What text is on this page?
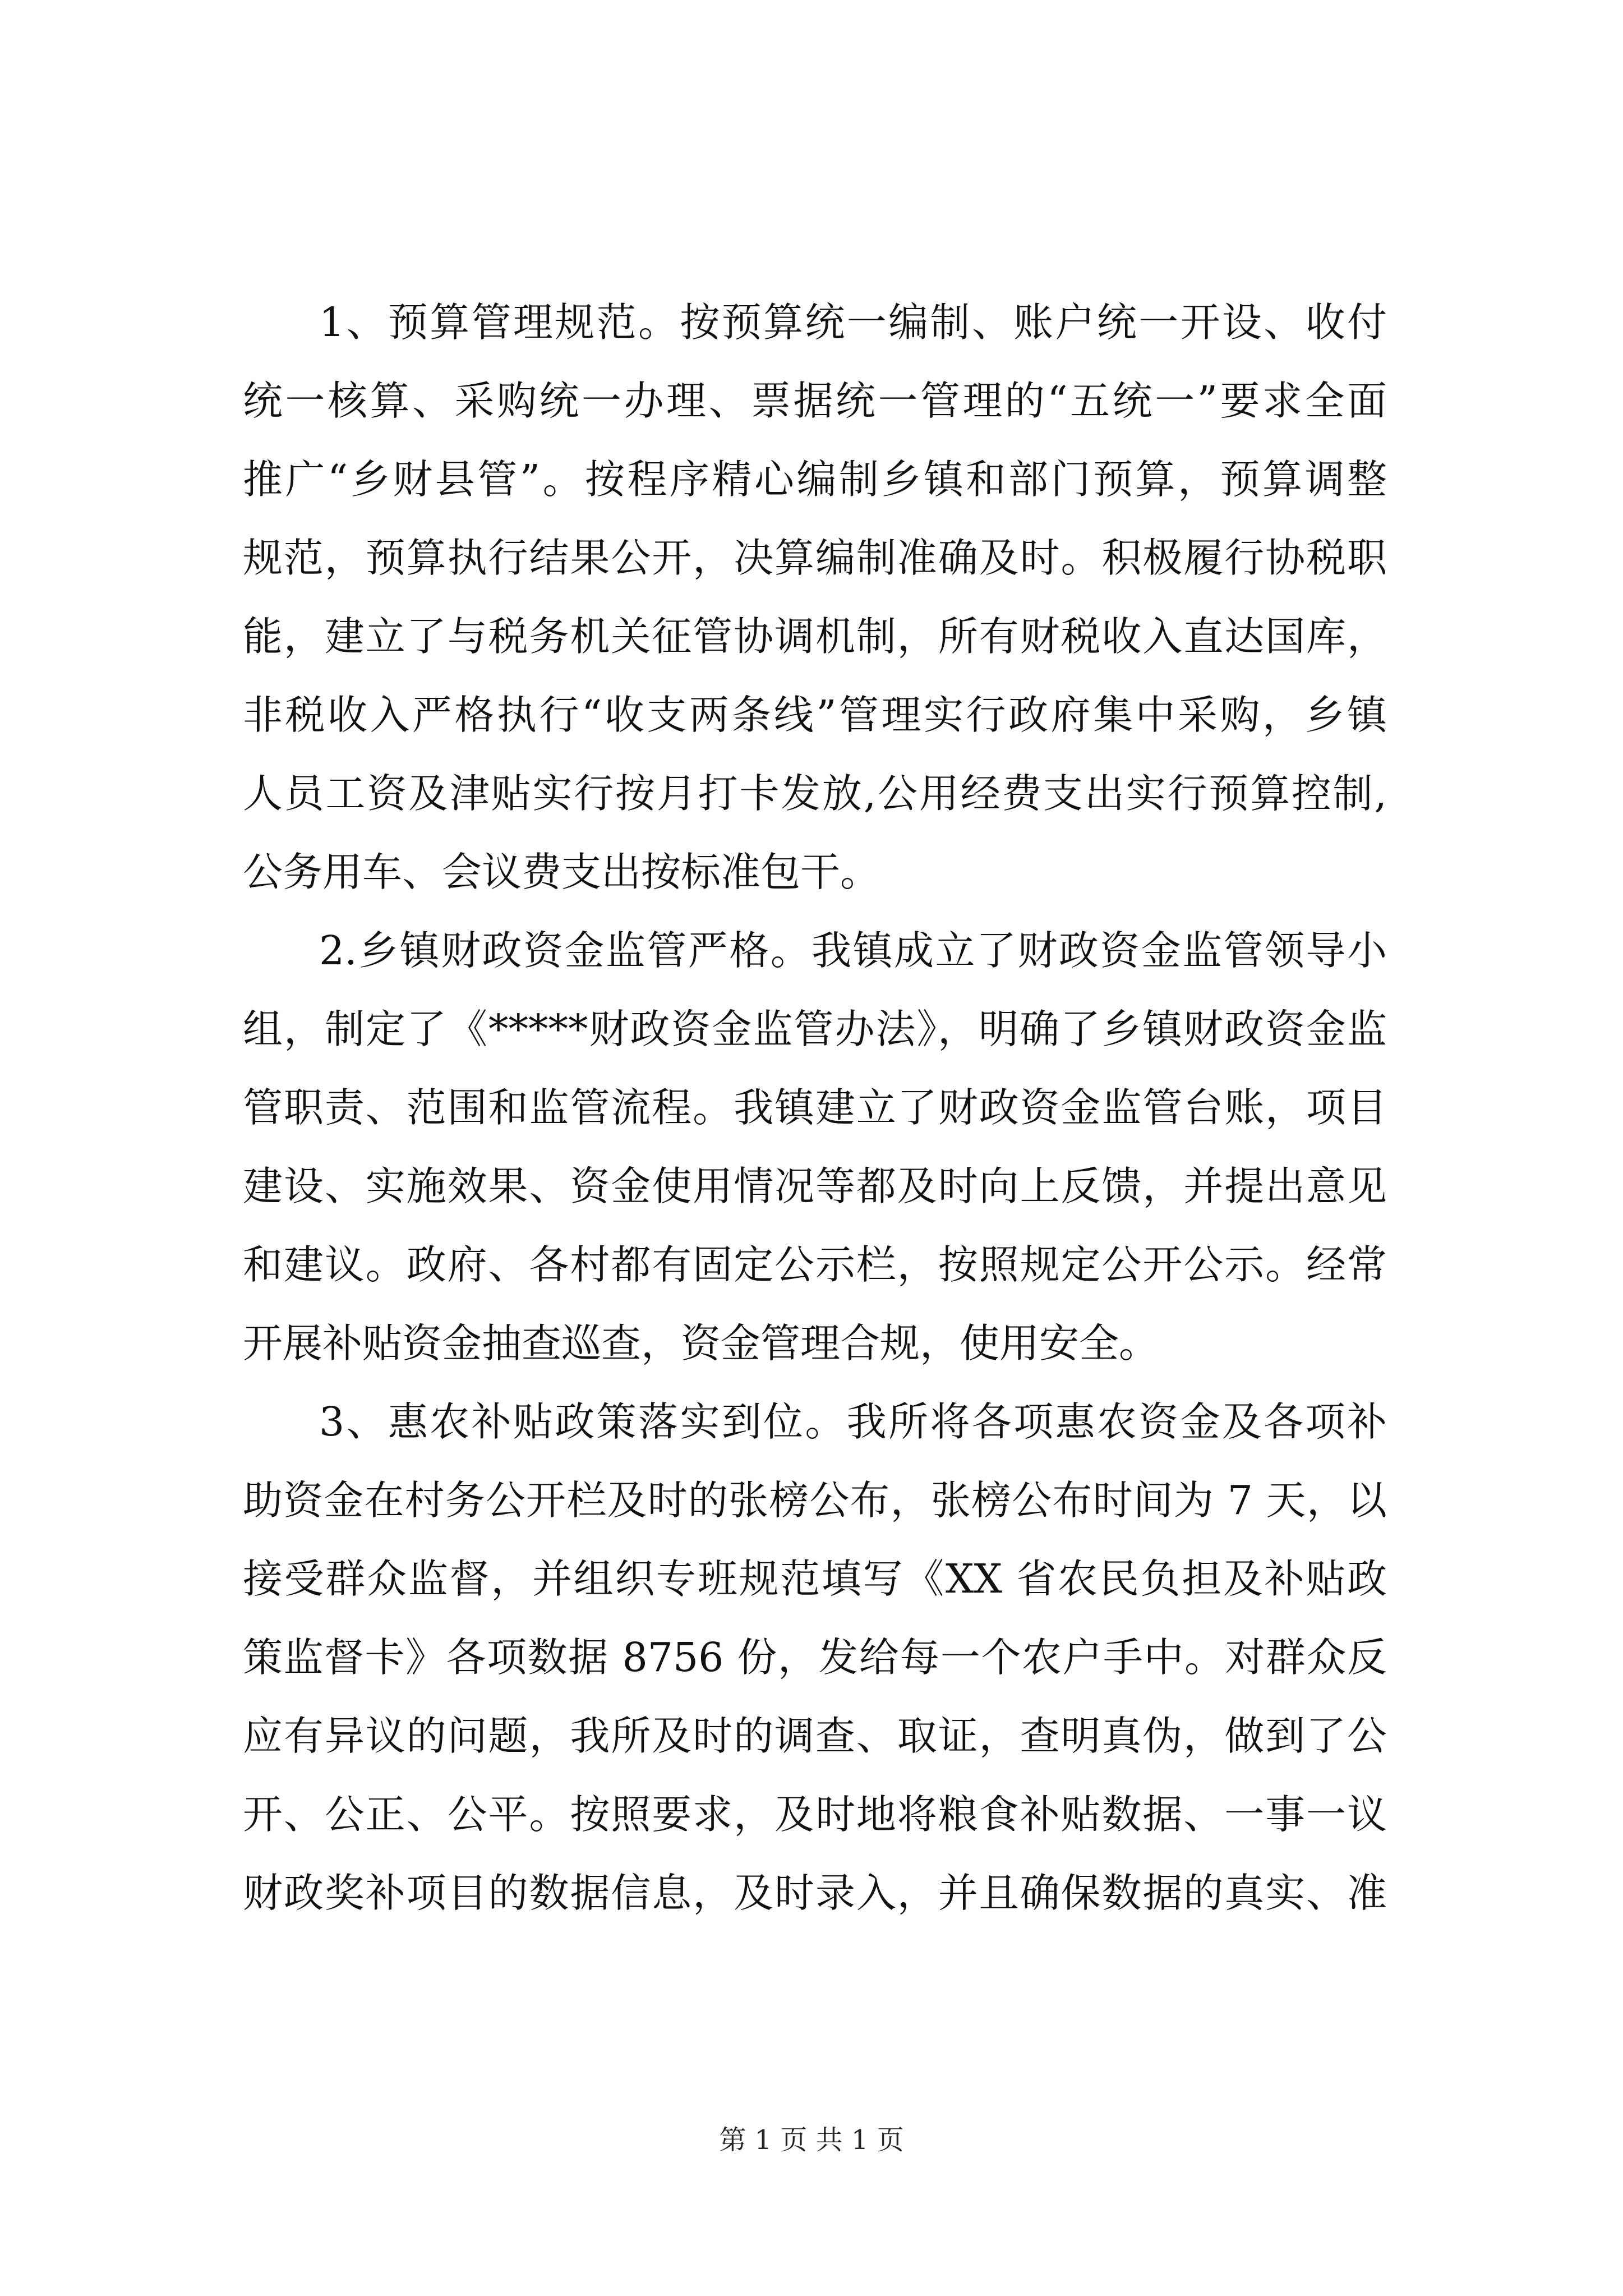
1、预算管理规范。按预算统一编制、账户统一开设、收付
统一核算、采购统一办理、票据统一管理的“五统一”要求全面
推广“乡财县管”。按程序精心编制乡镇和部门预算，预算调整
规范，预算执行结果公开，决算编制准确及时。积极履行协税职
能，建立了与税务机关征管协调机制，所有财税收入直达国库，
非税收入严格执行“收支两条线”管理实行政府集中采购，乡镇
人员工资及津贴实行按月打卡发放,公用经费支出实行预算控制,
公务用车、会议费支出按标准包干。
2.乡镇财政资金监管严格。我镇成立了财政资金监管领导小
组，制定了《*****财政资金监管办法》，明确了乡镇财政资金监
管职责、范围和监管流程。我镇建立了财政资金监管台账，项目
建设、实施效果、资金使用情况等都及时向上反馈，并提出意见
和建议。政府、各村都有固定公示栏，按照规定公开公示。经常
开展补贴资金抽查巡查，资金管理合规，使用安全。
3、惠农补贴政策落实到位。我所将各项惠农资金及各项补
助资金在村务公开栏及时的张榜公布，张榜公布时间为 7 天，以
接受群众监督，并组织专班规范填写《XX 省农民负担及补贴政
策监督卡》各项数据 8756 份，发给每一个农户手中。对群众反
应有异议的问题，我所及时的调查、取证，查明真伪，做到了公
开、公正、公平。按照要求，及时地将粮食补贴数据、一事一议
财政奖补项目的数据信息，及时录入，并且确保数据的真实、准
第 1 页 共 1 页
